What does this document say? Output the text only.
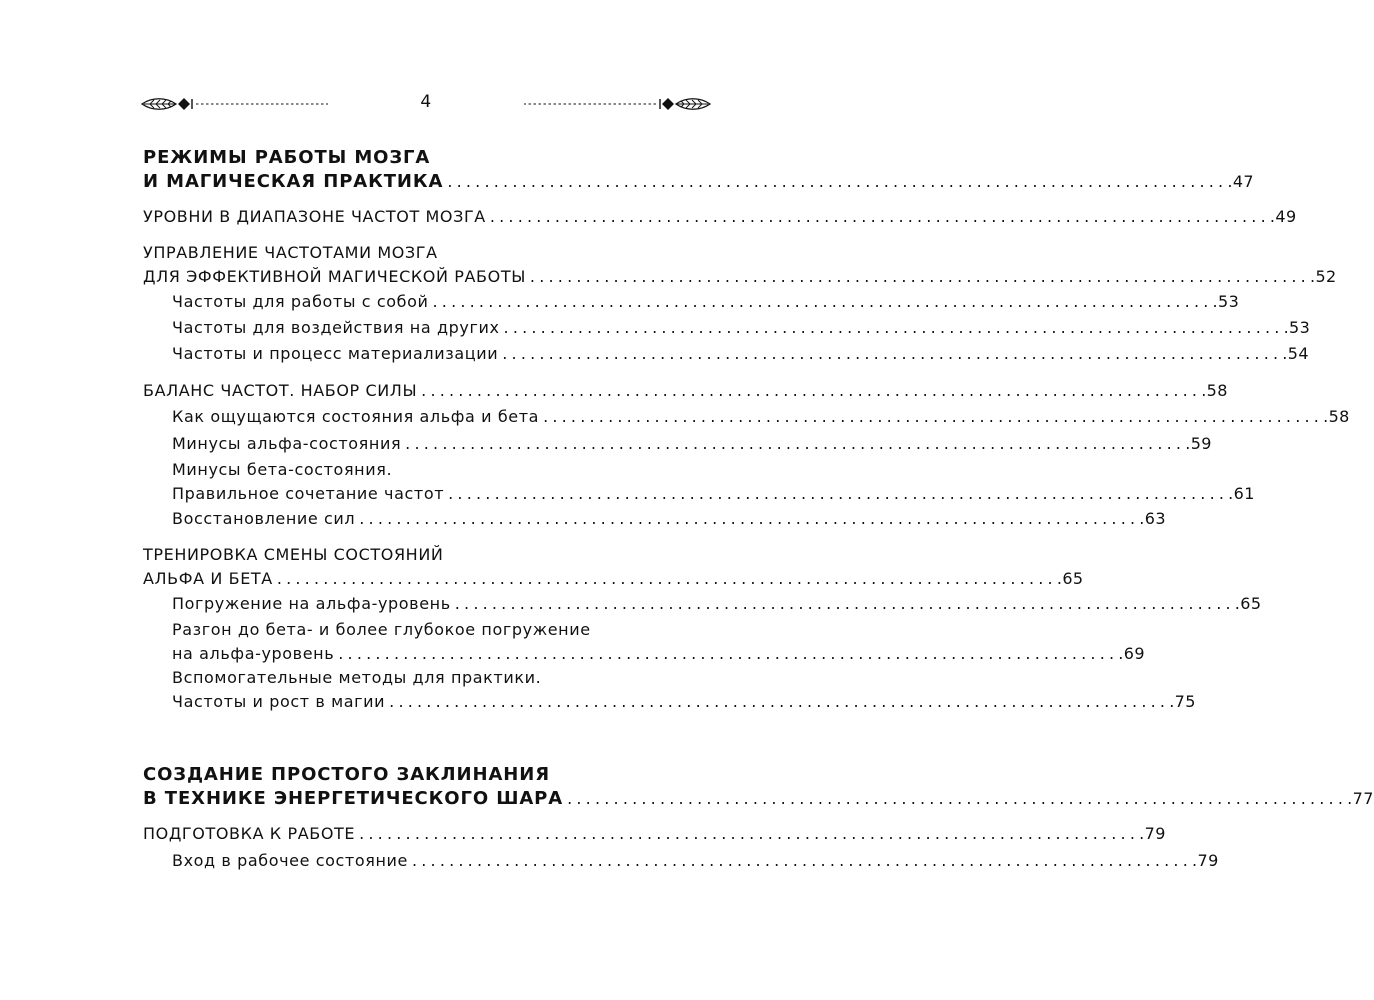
4
РЕЖИМЫ РАБОТЫ МОЗГА
И МАГИЧЕСКАЯ ПРАКТИКА .................................................................................... .47
УРОВНИ В ДИАПАЗОНЕ ЧАСТОТ МОЗГА .................................................................................... .49
УПРАВЛЕНИЕ ЧАСТОТАМИ МОЗГА
ДЛЯ ЭФФЕКТИВНОЙ МАГИЧЕСКОЙ РАБОТЫ .................................................................................... .52
Частоты для работы с собой .................................................................................... .53
Частоты для воздействия на других .................................................................................... .53
Частоты и процесс материализации .................................................................................... .54
БАЛАНС ЧАСТОТ. НАБОР СИЛЫ .................................................................................... .58
Как ощущаются состояния альфа и бета .................................................................................... .58
Минусы альфа-состояния .................................................................................... .59
Минусы бета-состояния.
Правильное сочетание частот .................................................................................... .61
Восстановление сил .................................................................................... .63
ТРЕНИРОВКА СМЕНЫ СОСТОЯНИЙ
АЛЬФА И БЕТА .................................................................................... .65
Погружение на альфа-уровень .................................................................................... .65
Разгон до бета- и более глубокое погружение
на альфа-уровень .................................................................................... .69
Вспомогательные методы для практики.
Частоты и рост в магии .................................................................................... .75
СОЗДАНИЕ ПРОСТОГО ЗАКЛИНАНИЯ
В ТЕХНИКЕ ЭНЕРГЕТИЧЕСКОГО ШАРА .................................................................................... .77
ПОДГОТОВКА К РАБОТЕ .................................................................................... .79
Вход в рабочее состояние .................................................................................... .79
